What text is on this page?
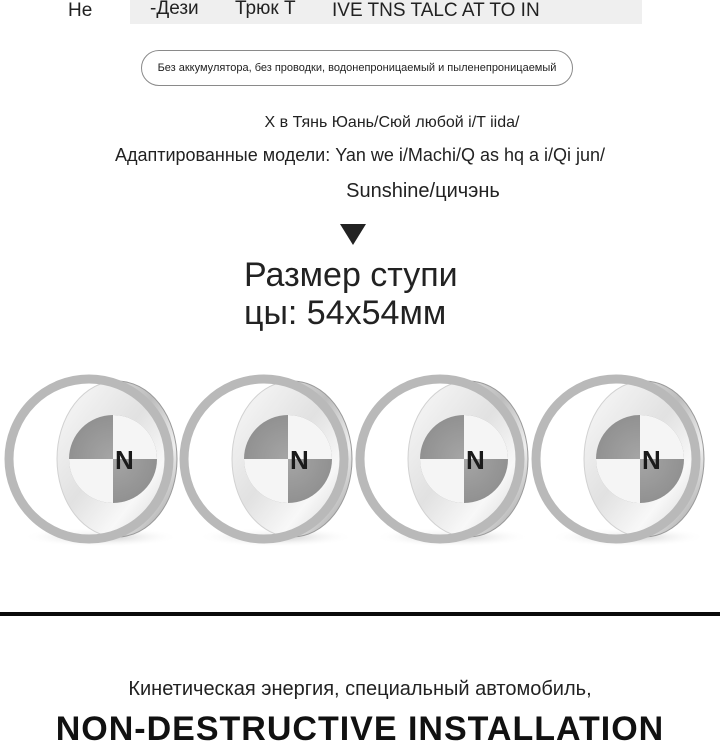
Не	-Дези Трюк Т IVE TNS TALC AT TO IN
Без аккумулятора, без проводки, водонепроницаемый и пыленепроницаемый
X в Тянь Юань/Сюй любой i/T iida/
Адаптированные модели: Yan we i/Machi/Q as hq a i/Qi jun/
Sunshine/цичэнь
Размер ступи
цы: 54x54мм
N	N	N	N
Кинетическая энергия, специальный автомобиль,
NON-DESTRUCTIVE INSTALLATION
